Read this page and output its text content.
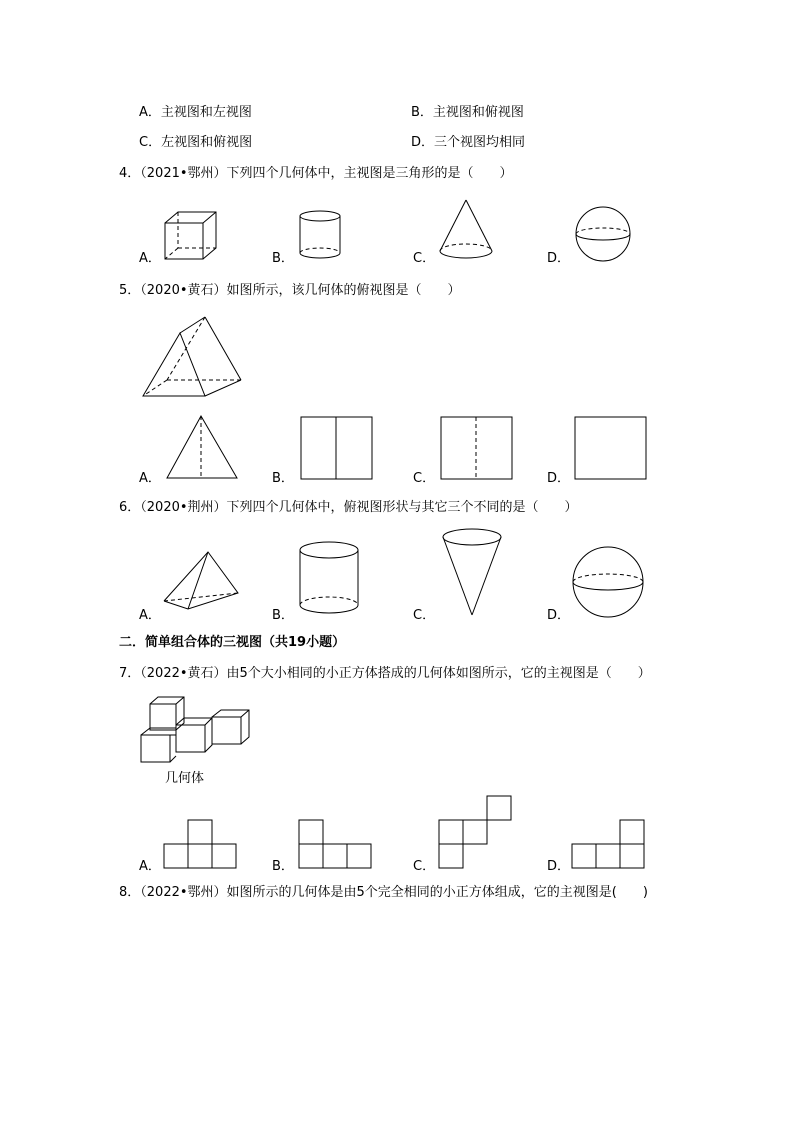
A．主视图和左视图	B．主视图和俯视图
C．左视图和俯视图	D．三个视图均相同
4．（2021•鄂州）下列四个几何体中，主视图是三角形的是（　　）
A．	B．	C．	D．
5．（2020•黄石）如图所示，该几何体的俯视图是（　　）
A．	B．	C．	D．
6．（2020•荆州）下列四个几何体中，俯视图形状与其它三个不同的是（　　）
A．	B．	C．	D．
二．简单组合体的三视图（共19小题）
7．（2022•黄石）由5个大小相同的小正方体搭成的几何体如图所示，它的主视图是（　　）
几何体
A．	B．	C．	D．
8．（2022•鄂州）如图所示的几何体是由5个完全相同的小正方体组成，它的主视图是(　　)
